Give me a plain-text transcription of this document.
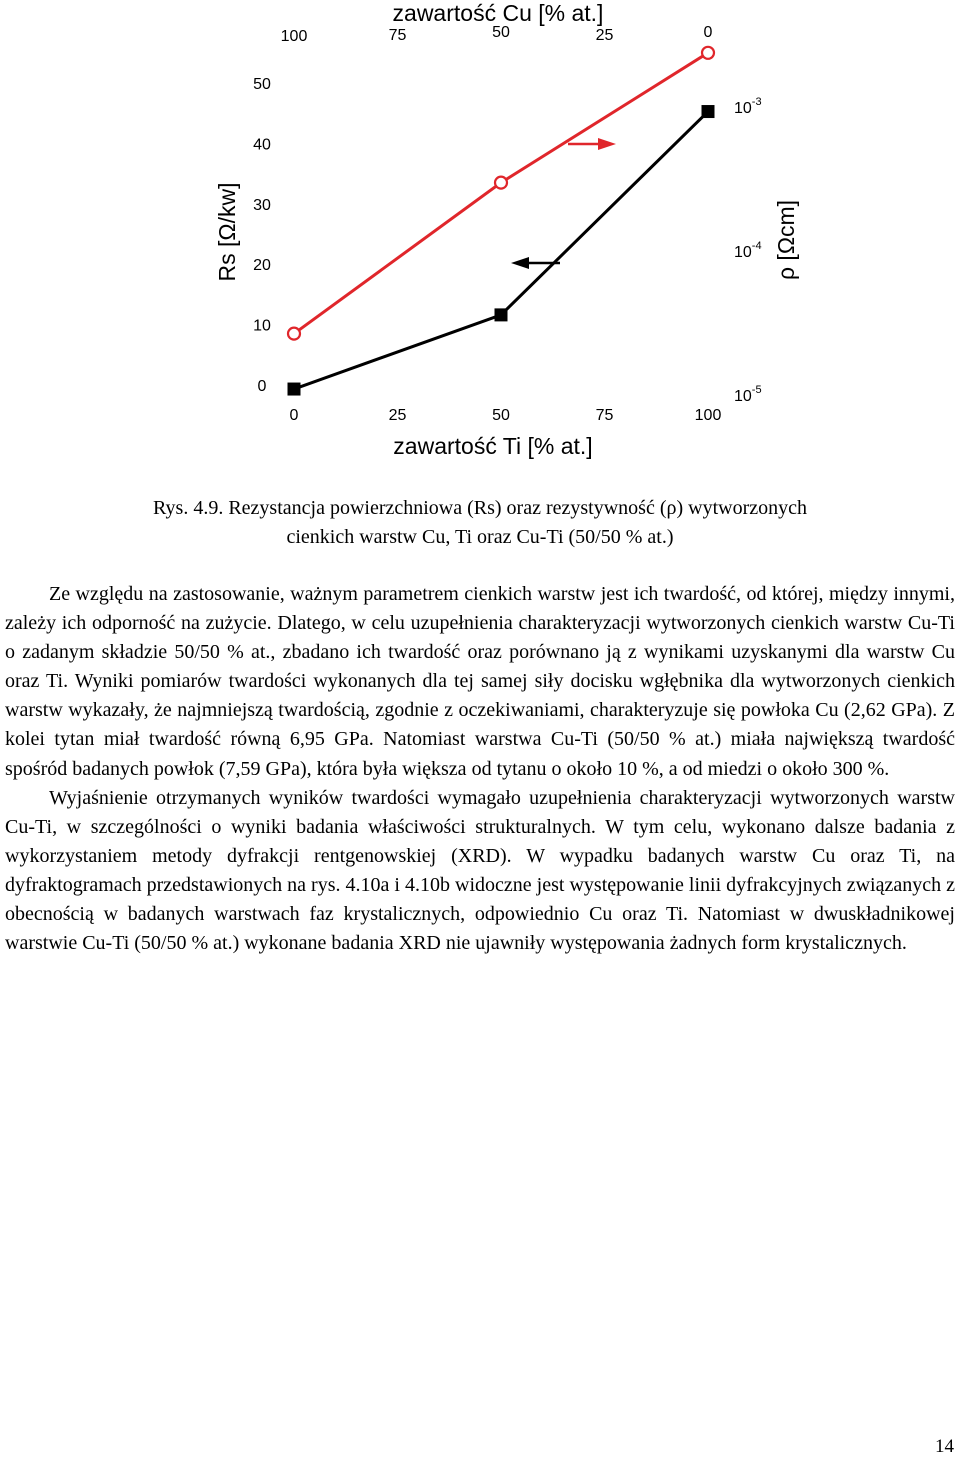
0	25	50	75	100
zawartość Ti [% at.]
100	75	50	25	0
zawartość Cu [% at.]
0
10
20
30
40
50
Rs [Ω/kw]
$10^{-5}$
$10^{-4}$
$10^{-3}$
ρ [Ωcm]
Rys. 4.9. Rezystancja powierzchniowa (Rs) oraz rezystywność (ρ) wytworzonych
cienkich warstw Cu, Ti oraz Cu-Ti (50/50 % at.)

Ze względu na zastosowanie, ważnym parametrem cienkich warstw jest ich twardość, od której, między innymi, zależy ich odporność na zużycie. Dlatego, w celu uzupełnienia charakteryzacji wytworzonych cienkich warstw Cu-Ti o zadanym składzie 50/50 % at., zbadano ich twardość oraz porównano ją z wynikami uzyskanymi dla warstw Cu oraz Ti. Wyniki pomiarów twardości wykonanych dla tej samej siły docisku wgłębnika dla wytworzonych cienkich warstw wykazały, że najmniejszą twardością, zgodnie z oczekiwaniami, charakteryzuje się powłoka Cu (2,62 GPa). Z kolei tytan miał twardość równą 6,95 GPa. Natomiast warstwa Cu-Ti (50/50 % at.) miała największą twardość spośród badanych powłok (7,59 GPa), która była większa od tytanu o około 10 %, a od miedzi o około 300 %.

Wyjaśnienie otrzymanych wyników twardości wymagało uzupełnienia charakteryzacji wytworzonych warstw Cu-Ti, w szczególności o wyniki badania właściwości strukturalnych. W tym celu, wykonano dalsze badania z wykorzystaniem metody dyfrakcji rentgenowskiej (XRD). W wypadku badanych warstw Cu oraz Ti, na dyfraktogramach przedstawionych na rys. 4.10a i 4.10b widoczne jest występowanie linii dyfrakcyjnych związanych z obecnością w badanych warstwach faz krystalicznych, odpowiednio Cu oraz Ti. Natomiast w dwuskładnikowej warstwie Cu-Ti (50/50 % at.) wykonane badania XRD nie ujawniły występowania żadnych form krystalicznych.

14
